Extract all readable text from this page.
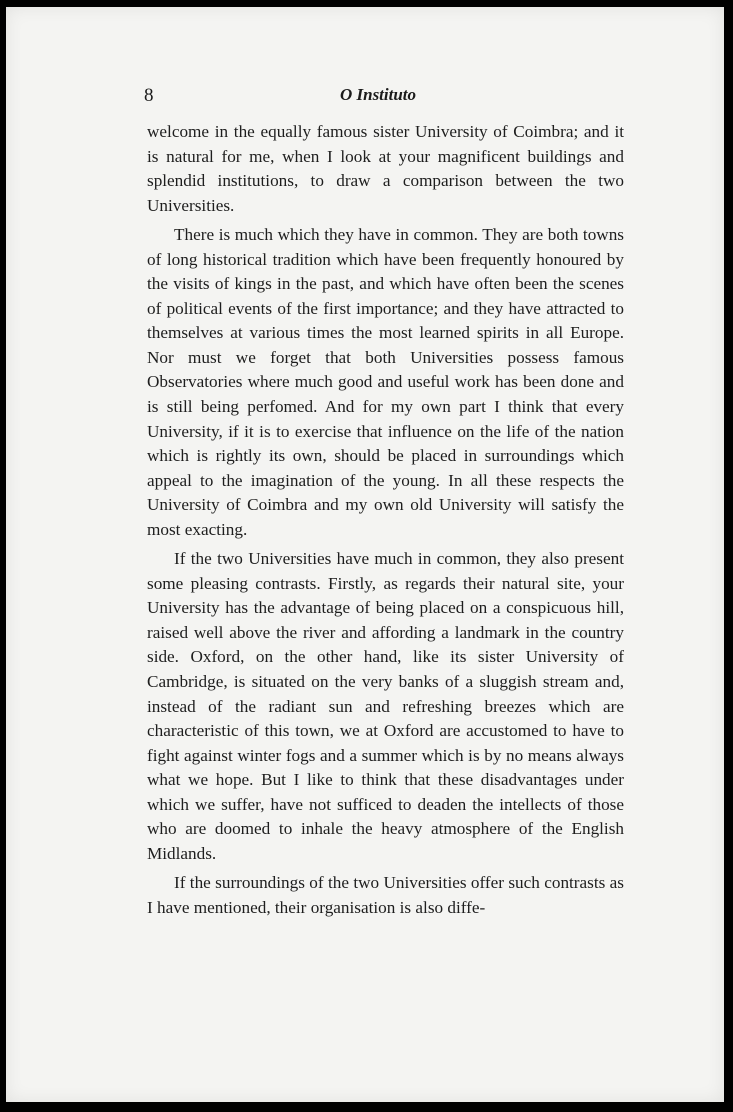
8	O Instituto

welcome in the equally famous sister University of Coimbra; and it is natural for me, when I look at your magnificent buildings and splendid institutions, to draw a comparison between the two Universities.

There is much which they have in common. They are both towns of long historical tradition which have been frequently honoured by the visits of kings in the past, and which have often been the scenes of political events of the first importance; and they have attracted to themselves at various times the most learned spirits in all Europe. Nor must we forget that both Universities possess famous Observatories where much good and useful work has been done and is still being perfomed. And for my own part I think that every University, if it is to exercise that influence on the life of the nation which is rightly its own, should be placed in surroundings which appeal to the imagination of the young. In all these respects the University of Coimbra and my own old University will satisfy the most exacting.

If the two Universities have much in common, they also present some pleasing contrasts. Firstly, as regards their natural site, your University has the advantage of being placed on a conspicuous hill, raised well above the river and affording a landmark in the country side. Oxford, on the other hand, like its sister University of Cambridge, is situated on the very banks of a sluggish stream and, instead of the radiant sun and refreshing breezes which are characteristic of this town, we at Oxford are accustomed to have to fight against winter fogs and a summer which is by no means always what we hope. But I like to think that these disadvantages under which we suffer, have not sufficed to deaden the intellects of those who are doomed to inhale the heavy atmosphere of the English Midlands.

If the surroundings of the two Universities offer such contrasts as I have mentioned, their organisation is also diffe-
